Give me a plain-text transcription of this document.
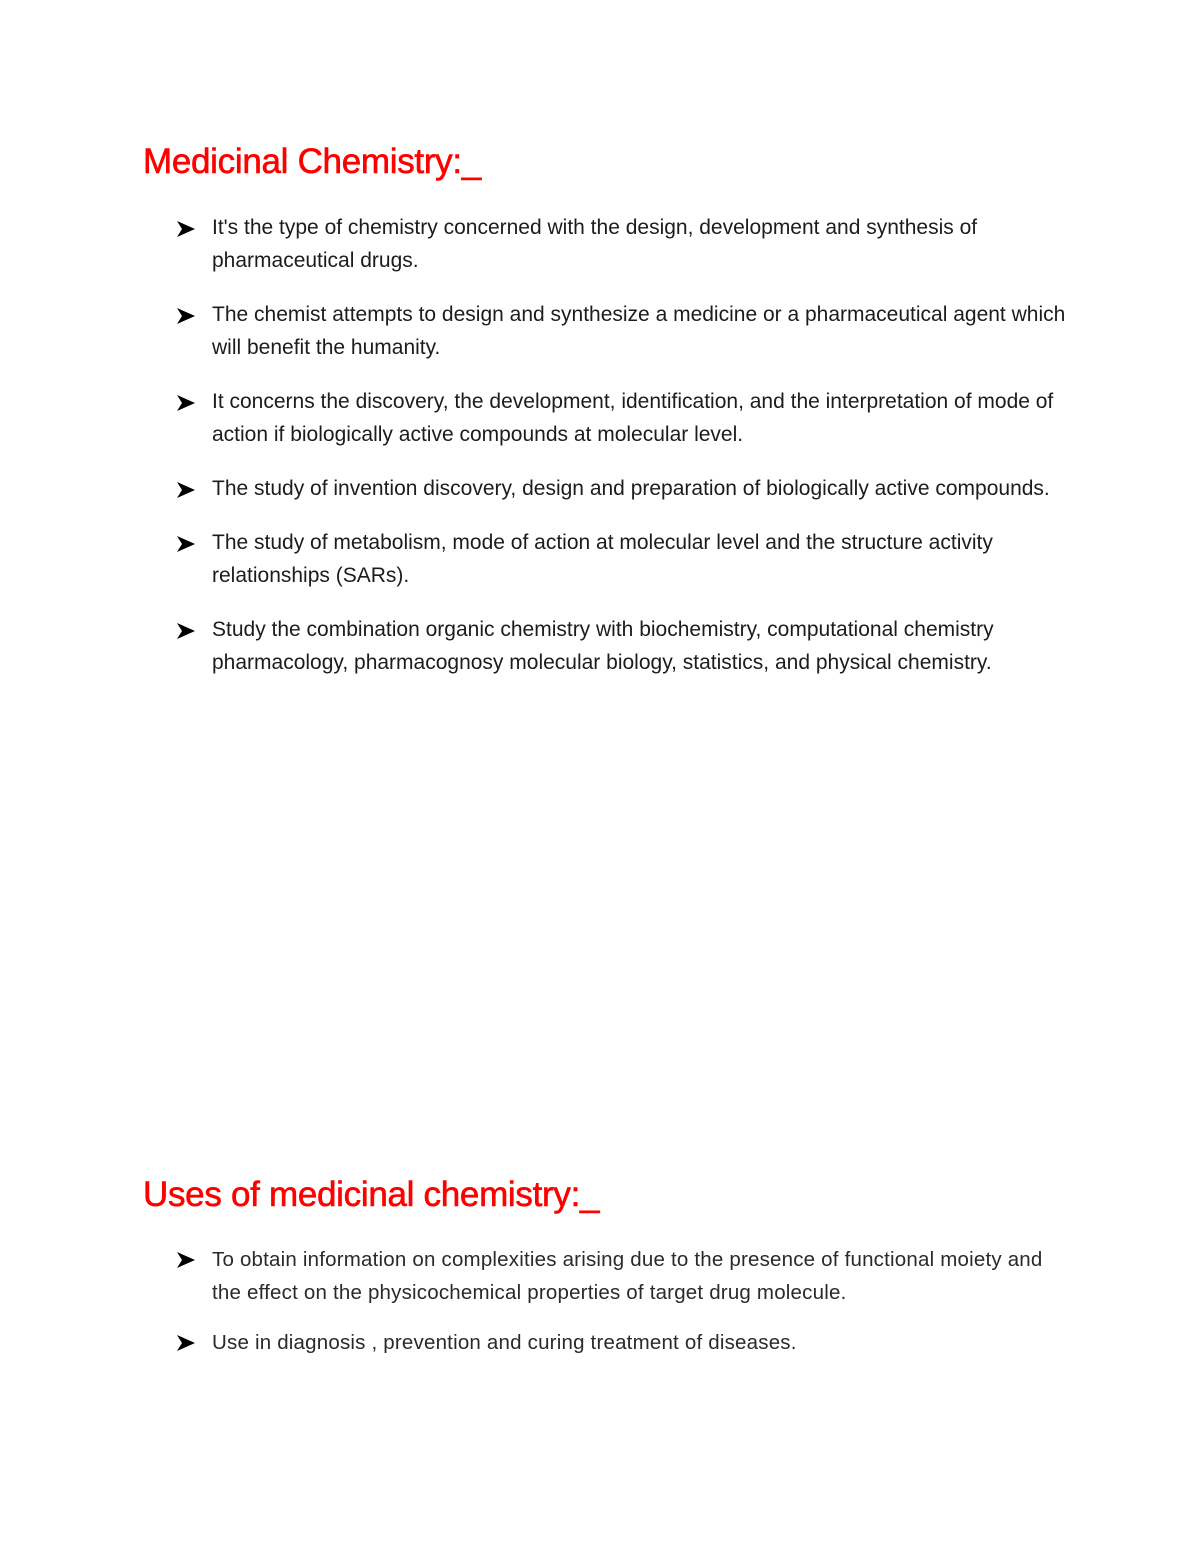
Medicinal Chemistry:_
It's the type of chemistry concerned with the design, development and synthesis of pharmaceutical drugs.
The chemist attempts to design and synthesize a medicine or a pharmaceutical agent which will benefit the humanity.
It concerns the discovery, the development, identification, and the interpretation of mode of action if biologically active compounds at molecular level.
The study of invention discovery, design and preparation of biologically active compounds.
The study of metabolism, mode of action at molecular level and the structure activity relationships (SARs).
Study the combination organic chemistry with biochemistry, computational chemistry pharmacology, pharmacognosy molecular biology, statistics, and physical chemistry.
Uses of medicinal chemistry:_
To obtain information on complexities arising due to the presence of functional moiety and the effect on the physicochemical properties of target drug molecule.
Use in diagnosis , prevention and curing treatment of diseases.
